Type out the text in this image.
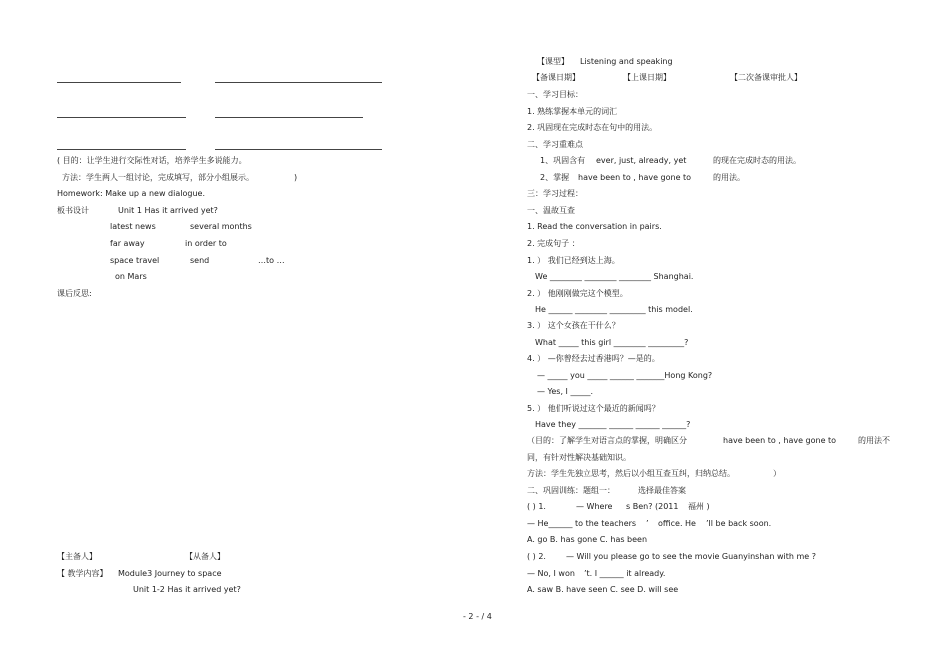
( 目的：让学生进行交际性对话，培养学生多说能力。
方法：学生两人一组讨论，完成填写，部分小组展示。	)
Homework: Make up a new dialogue.
板书设计	Unit 1 Has it arrived yet?
latest news	several months
far away	in order to
space travel	send	…to …
on Mars
课后反思:
【主备人】	【从备人】
【 教学内容】 Module3 Journey to space
Unit 1-2 Has it arrived yet?
【课型】 Listening and speaking
【备课日期】	【上课日期】	【二次备课审批人】
一、学习目标：
1. 熟练掌握本单元的词汇
2. 巩固现在完成时态在句中的用法。
二、学习重难点
1、巩固含有 ever, just, already, yet	的现在完成时态的用法。
2、掌握 have been to , have gone to	的用法。
三：学习过程：
一、温故互查
1. Read the conversation in pairs.
2. 完成句子 ：
1. ） 我们已经到达上海。
We ________ ________ ________ Shanghai.
2. ） 他刚刚做完这个模型。
He ______ ________ _________ this model.
3. ） 这个女孩在干什么？
What _____ this girl ________ _________?
4. ） —你曾经去过香港吗？—是的。
— _____ you _____ ______ _______Hong Kong?
— Yes, I _____.
5. ） 他们听说过这个最近的新闻吗？
Have they _______ ______ ______ ______?
（目的：了解学生对语言点的掌握，明确区分	have been to , have gone to	的用法不
同，有针对性解决基础知识。
方法：学生先独立思考，然后以小组互查互纠，归纳总结。	）
二、巩固训练：题组一：	选择最佳答案
( ) 1.	— Where s Ben? (2011 福州 )
— He______ to the teachers ’ office. He ’ll be back soon.
A. go B. has gone C. has been
( ) 2.	— Will you please go to see the movie Guanyinshan with me ?
— No, I won ’t. I ______ it already.
A. saw B. have seen C. see D. will see
- 2 - / 4
